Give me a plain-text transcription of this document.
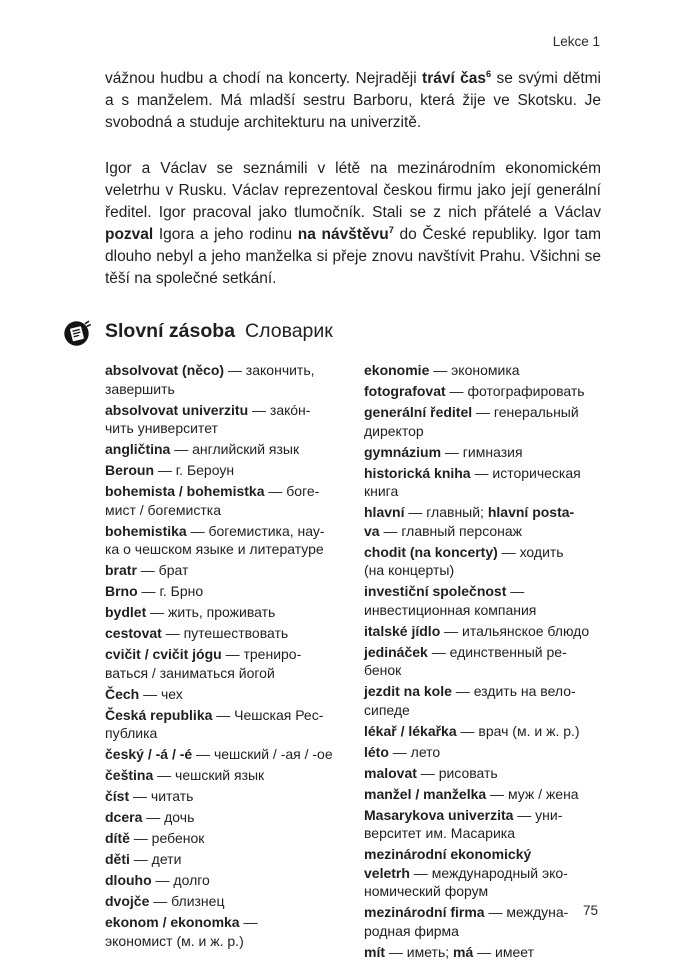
Lekce 1

vážnou hudbu a chodí na koncerty. Nejraději tráví čas$^6$ se svými dětmi a s manželem. Má mladší sestru Barboru, která žije ve Skotsku. Je svobodná a studuje architekturu na univerzitě.

Igor a Václav se seznámili v létě na mezinárodním ekonomickém veletrhu v Rusku. Václav reprezentoval českou firmu jako její generální ředitel. Igor pracoval jako tlumočník. Stali se z nich přátelé a Václav pozval Igora a jeho rodinu na návštěvu$^7$ do České republiky. Igor tam dlouho nebyl a jeho manželka si přeje znovu navštívit Prahu. Všichni se těší na společné setkání.

Slovní zásoba Словарик

absolvovat (něco) — закончить,
завершить

absolvovat univerzitu — закóн-
чить университет

angličtina — английский язык

Beroun — г. Бероун

bohemista / bohemistka — боге-
мист / богемистка

bohemistika — богемистика, нау-
ка о чешском языке и литературе

bratr — брат

Brno — г. Брно

bydlet — жить, проживать

cestovat — путешествовать

cvičit / cvičit jógu — трениро-
ваться / заниматься йогой

Čech — чех

Česká republika — Чешская Рес-
публика

český / -á / -é — чешский / -ая / -ое

čeština — чешский язык

číst — читать

dcera — дочь

dítě — ребенок

děti — дети

dlouho — долго

dvojče — близнец

ekonom / ekonomka —
экономист (м. и ж. р.)

ekonomie — экономика

fotografovat — фотографировать

generální ředitel — генеральный
директор

gymnázium — гимназия

historická kniha — историческая
книга

hlavní — главный; hlavní posta-
va — главный персонаж

chodit (na koncerty) — ходить
(на концерты)

investiční společnost —
инвестиционная компания

italské jídlo — итальянское блюдо

jedináček — единственный ре-
бенок

jezdit na kole — ездить на вело-
сипеде

lékař / lékařka — врач (м. и ж. р.)

léto — лето

malovat — рисовать

manžel / manželka — муж / жена

Masarykova univerzita — уни-
верситет им. Масарика

mezinárodní ekonomický
veletrh — международный эко-
номический форум

mezinárodní firma — междуна-
родная фирма

mít — иметь; má — имеет

75
